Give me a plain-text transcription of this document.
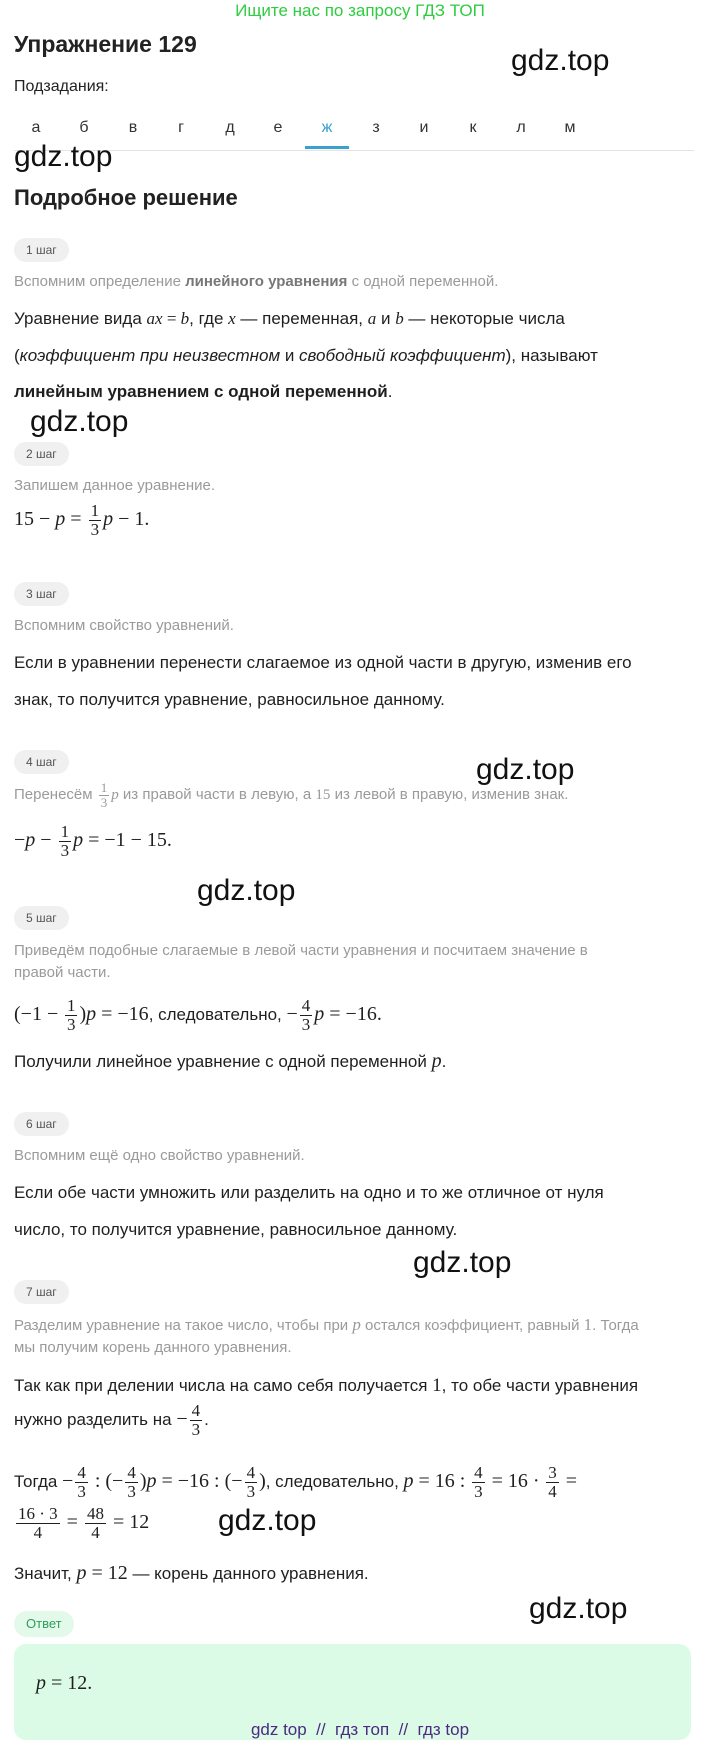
Ищите нас по запросу ГДЗ ТОП
Упражнение 129
Подзадания:
а	б	в	г	д	е	ж	з	и	к	л	м
gdz.top
gdz.top
gdz.top
gdz.top
gdz.top
gdz.top
gdz.top
gdz.top
Подробное решение
1 шаг
Вспомним определение линейного уравнения с одной переменной.
Уравнение вида ax = b, где x — переменная, a и b — некоторые числа
(коэффициент при неизвестном и свободный коэффициент), называют
линейным уравнением с одной переменной.
2 шаг
Запишем данное уравнение.
$15 - p = \frac{1}{3}$ p − 1.
3 шаг
Вспомним свойство уравнений.
Если в уравнении перенести слагаемое из одной части в другую, изменив его
знак, то получится уравнение, равносильное данному.
4 шаг
Перенесём $\frac{1}{3}$ p из правой части в левую, а 15 из левой в правую, изменив знак.
$-p - \frac{1}{3}$ p = −1 − 15.
5 шаг
Приведём подобные слагаемые в левой части уравнения и посчитаем значение в
правой части.
$(-1 - \frac{1}{3} )p = -16$, следовательно, − $\frac{4}{3}$ p = −16.
Получили линейное уравнение с одной переменной p.
6 шаг
Вспомним ещё одно свойство уравнений.
Если обе части умножить или разделить на одно и то же отличное от нуля
число, то получится уравнение, равносильное данному.
7 шаг
Разделим уравнение на такое число, чтобы при p остался коэффициент, равный 1. Тогда
мы получим корень данного уравнения.
Так как при делении числа на само себя получается 1, то обе части уравнения
нужно разделить на − $\frac{4}{3}$ .
Тогда − $\frac{4}{3}$ : (− $\frac{4}{3} )p = -16$ : (− $\frac{4}{3}$ ), следовательно, p = 16 : $\frac{4}{3} = 16 \cdot \frac{3}{4}$ =
$\frac{16 \cdot 3}{4} = \frac{48}{4} = 12$
Значит, p = 12 — корень данного уравнения.
Ответ
p = 12.
gdz top  //  гдз топ  //  гдз top
